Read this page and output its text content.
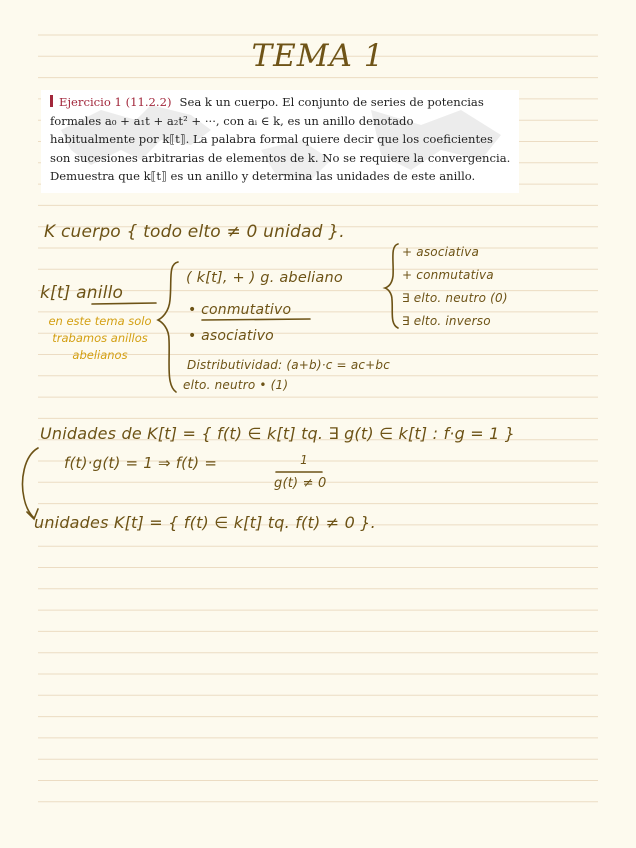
TEMA 1
Ejercicio 1 (11.2.2) Sea k un cuerpo. El conjunto de series de potencias
formales a₀ + a₁t + a₂t² + ···, con aᵢ ∈ k, es un anillo denotado
habitualmente por k⟦t⟧. La palabra formal quiere decir que los coeficientes
son sucesiones arbitrarias de elementos de k. No se requiere la convergencia.
Demuestra que k⟦t⟧ es un anillo y determina las unidades de este anillo.
K cuerpo { todo elto ≠ 0 unidad }.
k[t] anillo
en este tema solo
trabamos anillos
abelianos
( k[t], + ) g. abeliano
• conmutativo
• asociativo
+ asociativa
+ conmutativa
∃ elto. neutro (0)
∃ elto. inverso
Distributividad: (a+b)·c = ac+bc
elto. neutro • (1)
Unidades de K[t] = { f(t) ∈ k[t] tq. ∃ g(t) ∈ k[t] : f·g = 1 }
f(t)·g(t) = 1 ⇒ f(t) =	1
g(t) ≠ 0
unidades K[t] = { f(t) ∈ k[t] tq. f(t) ≠ 0 }.
